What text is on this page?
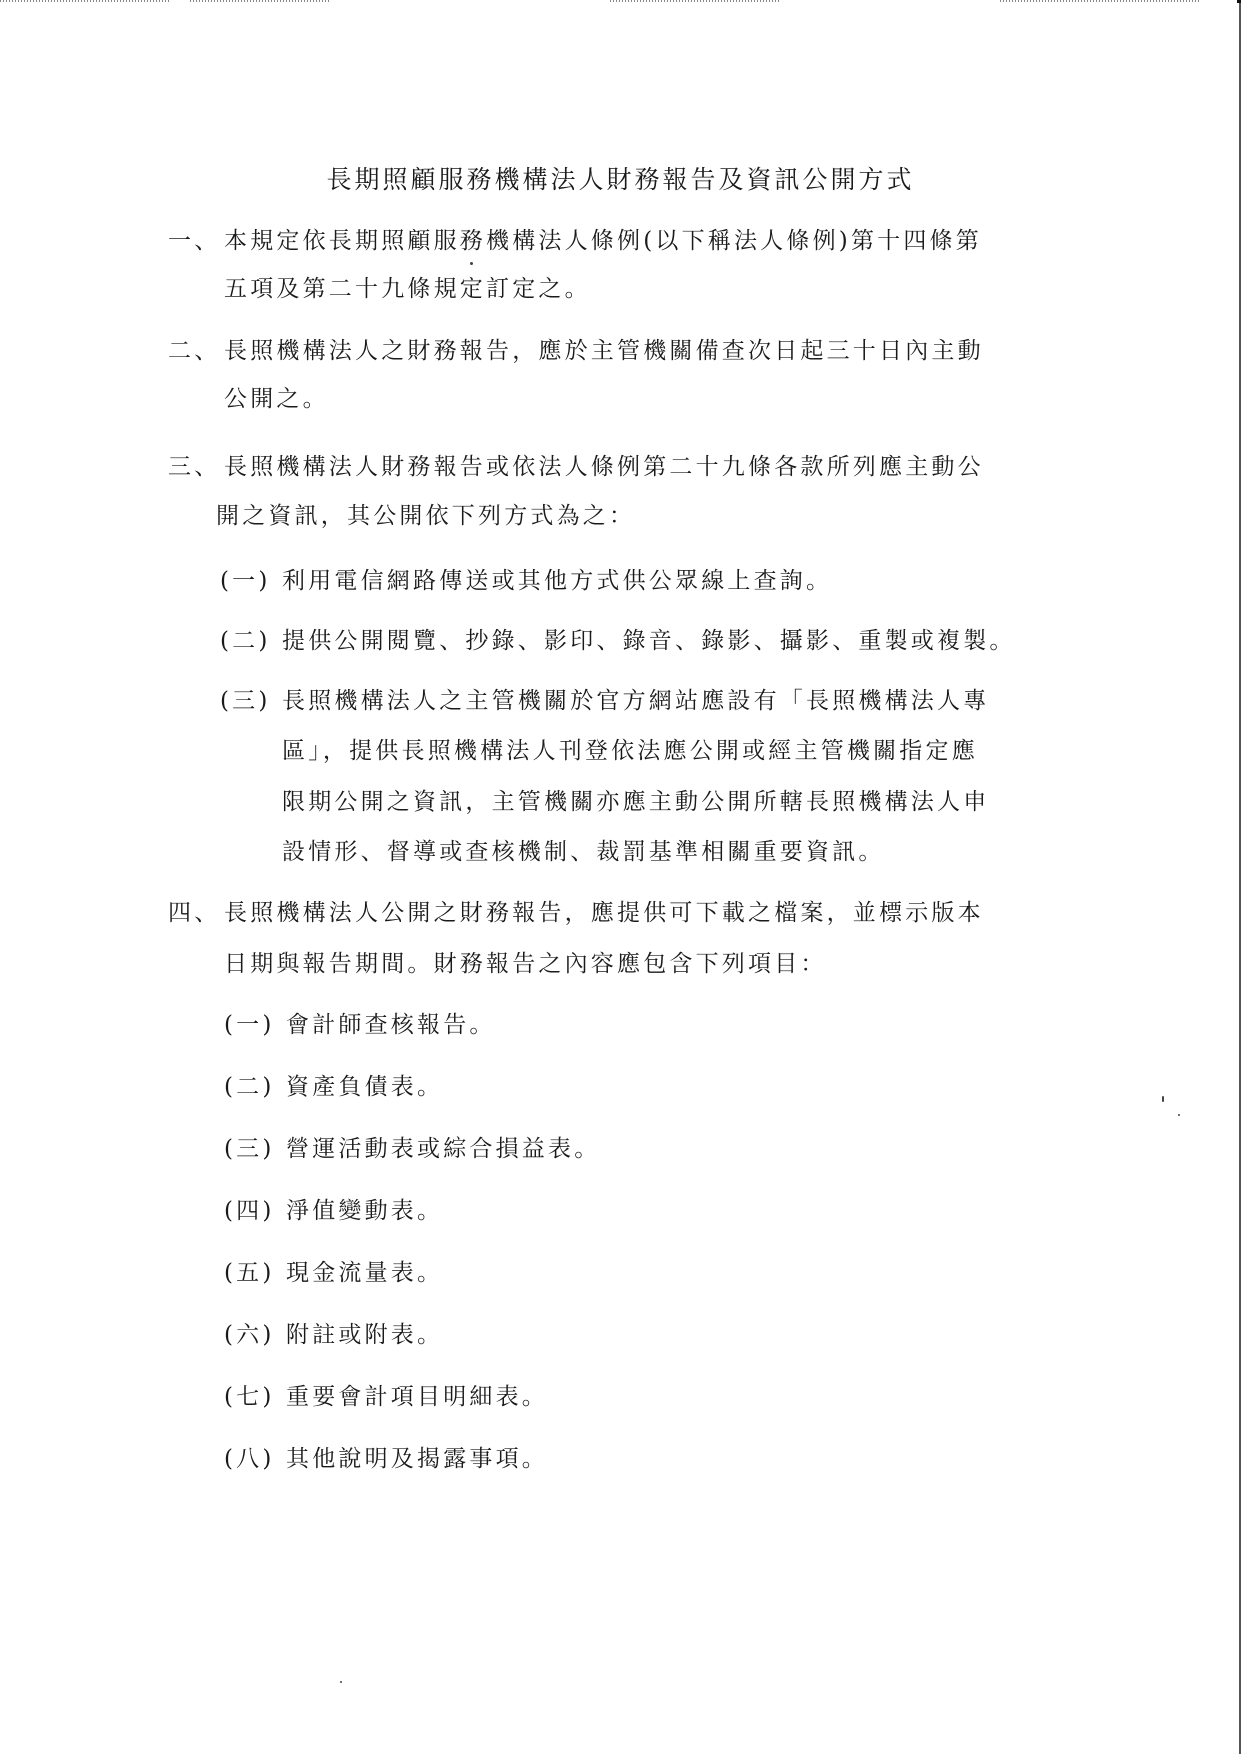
長期照顧服務機構法人財務報告及資訊公開方式
一、 本規定依長期照顧服務機構法人條例(以下稱法人條例)第十四條第
五項及第二十九條規定訂定之。
二、 長照機構法人之財務報告，應於主管機關備查次日起三十日內主動
公開之。
三、 長照機構法人財務報告或依法人條例第二十九條各款所列應主動公
開之資訊，其公開依下列方式為之：
(一) 利用電信網路傳送或其他方式供公眾線上查詢。
(二) 提供公開閱覽、抄錄、影印、錄音、錄影、攝影、重製或複製。
(三) 長照機構法人之主管機關於官方網站應設有「長照機構法人專
區」，提供長照機構法人刊登依法應公開或經主管機關指定應
限期公開之資訊，主管機關亦應主動公開所轄長照機構法人申
設情形、督導或查核機制、裁罰基準相關重要資訊。
四、 長照機構法人公開之財務報告，應提供可下載之檔案，並標示版本
日期與報告期間。財務報告之內容應包含下列項目：
(一) 會計師查核報告。
(二) 資產負債表。
(三) 營運活動表或綜合損益表。
(四) 淨值變動表。
(五) 現金流量表。
(六) 附註或附表。
(七) 重要會計項目明細表。
(八) 其他說明及揭露事項。
